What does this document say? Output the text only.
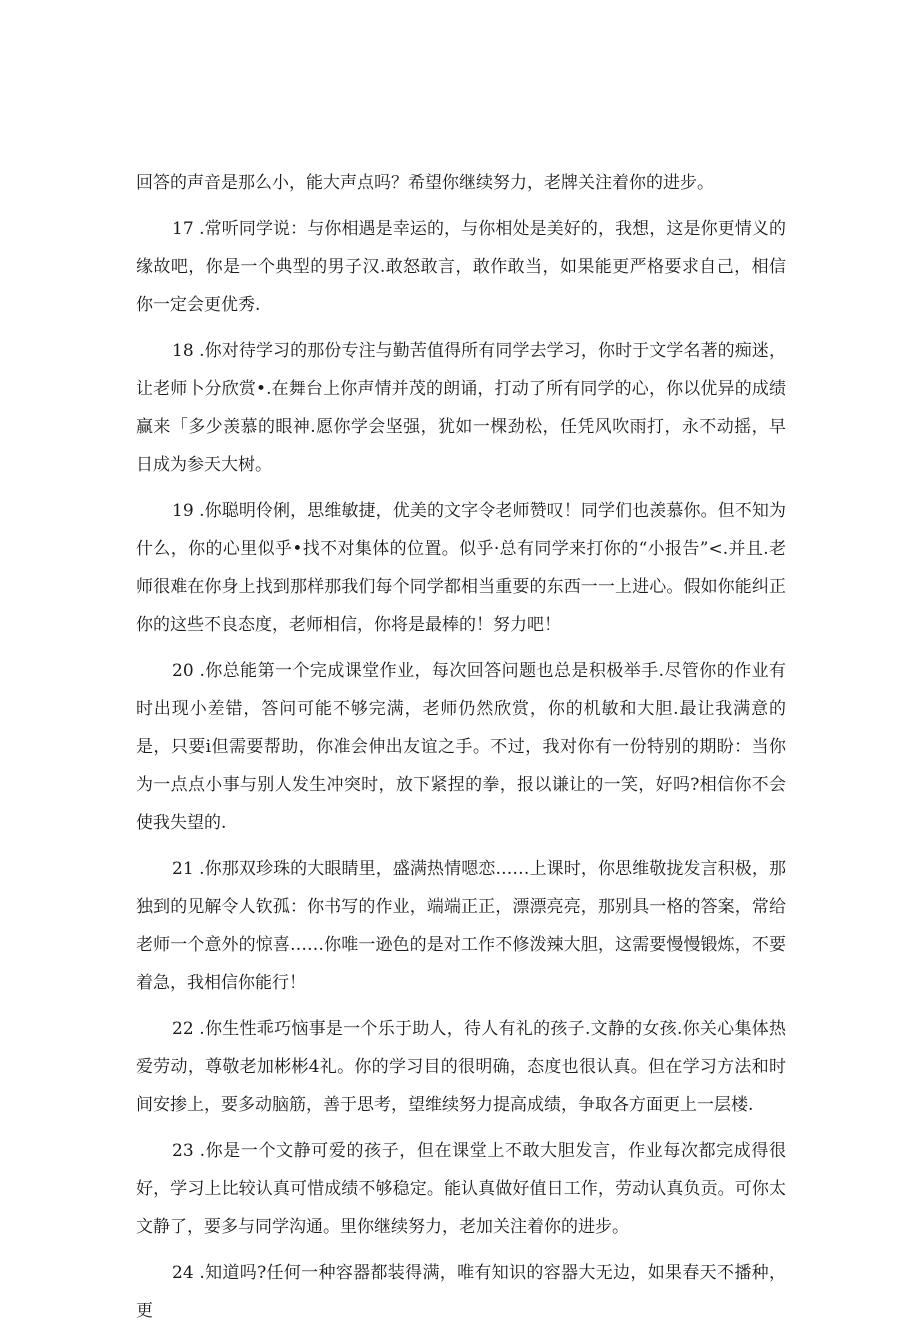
回答的声音是那么小，能大声点吗？希望你继续努力，老牌关注着你的进步。

17 .常听同学说：与你相遇是幸运的，与你相处是美好的，我想，这是你更情义的缘故吧，你是一个典型的男子汉.敢怒敢言，敢作敢当，如果能更严格要求自己，相信你一定会更优秀.

18 .你对待学习的那份专注与勤苦值得所有同学去学习，你时于文学名著的痴迷，让老师卜分欣赏•.在舞台上你声情并茂的朗诵，打动了所有同学的心，你以优异的成绩赢来「多少羡慕的眼神.愿你学会坚强，犹如一棵劲松，任凭风吹雨打，永不动摇，早日成为参天大树。

19 .你聪明伶俐，思维敏捷，优美的文字令老师赞叹！同学们也羡慕你。但不知为什么，你的心里似乎•找不对集体的位置。似乎·总有同学来打你的“小报告”<.并且.老师很难在你身上找到那样那我们每个同学都相当重要的东西一一上进心。假如你能纠正你的这些不良态度，老师相信，你将是最棒的！努力吧！

20 .你总能第一个完成课堂作业，每次回答问题也总是积极举手.尽管你的作业有时出现小差错，答问可能不够完满，老师仍然欣赏，你的机敏和大胆.最让我满意的是，只要i但需要帮助，你准会伸出友谊之手。不过，我对你有一份特别的期盼：当你为一点点小事与别人发生冲突时，放下紧捏的拳，报以谦让的一笑，好吗?相信你不会使我失望的.

21 .你那双珍珠的大眼睛里，盛满热情嗯恋……上课时，你思维敬拢发言积极，那独到的见解令人钦孤：你书写的作业，端端正正，漂漂亮亮，那别具一格的答案，常给老师一个意外的惊喜……你唯一逊色的是对工作不修泼辣大胆，这需要慢慢锻炼，不要着急，我相信你能行！

22 .你生性乖巧恼事是一个乐于助人，待人有礼的孩子.文静的女孩.你关心集体热爱劳动，尊敬老加彬彬4礼。你的学习目的很明确，态度也很认真。但在学习方法和时间安掺上，要多动脑筋，善于思考，望维续努力提高成绩，争取各方面更上一层楼.

23 .你是一个文静可爱的孩子，但在课堂上不敢大胆发言，作业每次都完成得很好，学习上比较认真可惜成绩不够稳定。能认真做好值日工作，劳动认真负贡。可你太文静了，要多与同学沟通。里你继续努力，老加关注着你的进步。

24 .知道吗?任何一种容器都装得满，唯有知识的容器大无边，如果春天不播种，更
